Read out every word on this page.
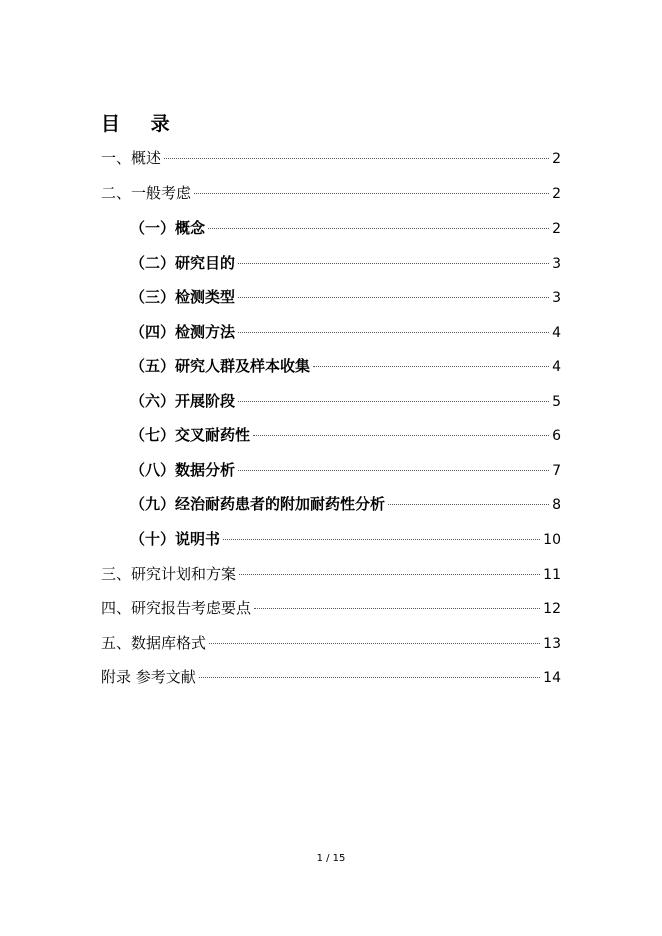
目 录
一、概述	2
二、一般考虑	2
（一）概念	2
（二）研究目的	3
（三）检测类型	3
（四）检测方法	4
（五）研究人群及样本收集	4
（六）开展阶段	5
（七）交叉耐药性	6
（八）数据分析	7
（九）经治耐药患者的附加耐药性分析	8
（十）说明书	10
三、研究计划和方案	11
四、研究报告考虑要点	12
五、数据库格式	13
附录 参考文献	14
1 / 15
